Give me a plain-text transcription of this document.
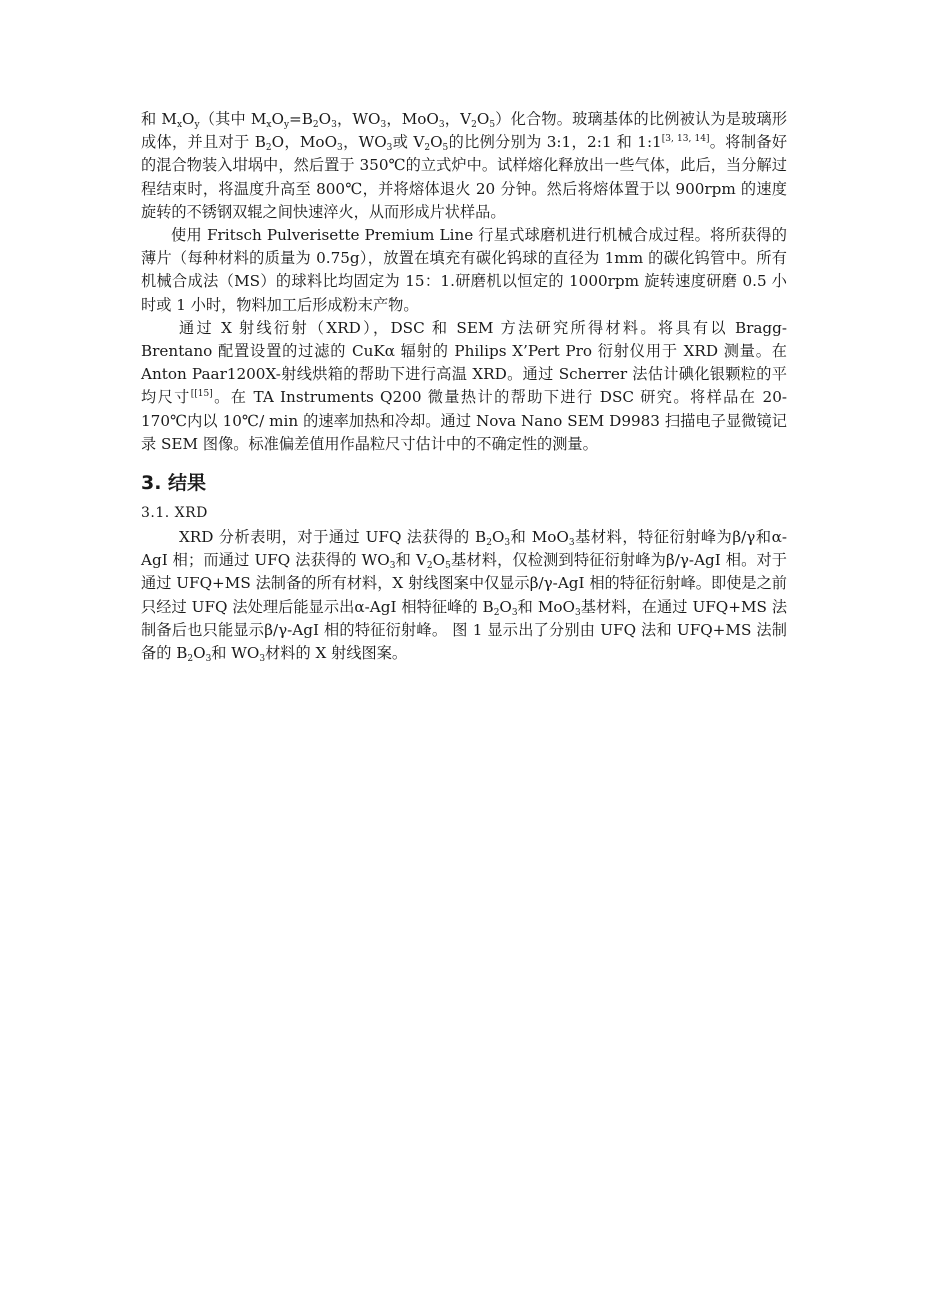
和 $M_xO_y$（其中 $M_xO_y=B_2O_3$，$WO_3$，MoO$_3$，$V_2O_5$）化合物。玻璃基体的比例被认为是玻璃形成体，并且对于 $B_2O$，MoO$_3$，$WO_3$或 $V_2O_5$的比例分别为 3:1，2:1 和 1:1[3, 13, 14]。将制备好的混合物装入坩埚中，然后置于 350℃的立式炉中。试样熔化释放出一些气体，此后，当分解过程结束时，将温度升高至 800℃，并将熔体退火 20 分钟。然后将熔体置于以 900rpm 的速度旋转的不锈钢双辊之间快速淬火，从而形成片状样品。

使用 Fritsch Pulverisette Premium Line 行星式球磨机进行机械合成过程。将所获得的薄片（每种材料的质量为 0.75g），放置在填充有碳化钨球的直径为 1mm 的碳化钨管中。所有机械合成法（MS）的球料比均固定为 15：1.研磨机以恒定的 1000rpm 旋转速度研磨 0.5 小时或 1 小时，物料加工后形成粉末产物。

通过 X 射线衍射（XRD），DSC 和 SEM 方法研究所得材料。将具有以 Bragg-Brentano 配置设置的过滤的 CuKα 辐射的 Philips X’Pert Pro 衍射仪用于 XRD 测量。在 Anton Paar1200X-射线烘箱的帮助下进行高温 XRD。通过 Scherrer 法估计碘化银颗粒的平均尺寸[[15]。在 TA Instruments Q200 微量热计的帮助下进行 DSC 研究。将样品在 20-170℃内以 10℃/ min 的速率加热和冷却。通过 Nova Nano SEM D9983 扫描电子显微镜记录 SEM 图像。标准偏差值用作晶粒尺寸估计中的不确定性的测量。

3. 结果
3.1. XRD

XRD 分析表明，对于通过 UFQ 法获得的 $B_2O_3$和 MoO$_3$基材料，特征衍射峰为β/γ和α-AgI 相；而通过 UFQ 法获得的 $WO_3$和 $V_2O_5$基材料，仅检测到特征衍射峰为β/γ-AgI 相。对于通过 UFQ+MS 法制备的所有材料，X 射线图案中仅显示β/γ-AgI 相的特征衍射峰。即使是之前只经过 UFQ 法处理后能显示出α-AgI 相特征峰的 $B_2O_3$和 MoO$_3$基材料，在通过 UFQ+MS 法制备后也只能显示β/γ-AgI 相的特征衍射峰。 图 1 显示出了分别由 UFQ 法和 UFQ+MS 法制备的 $B_2O_3$和 $WO_3$材料的 X 射线图案。
